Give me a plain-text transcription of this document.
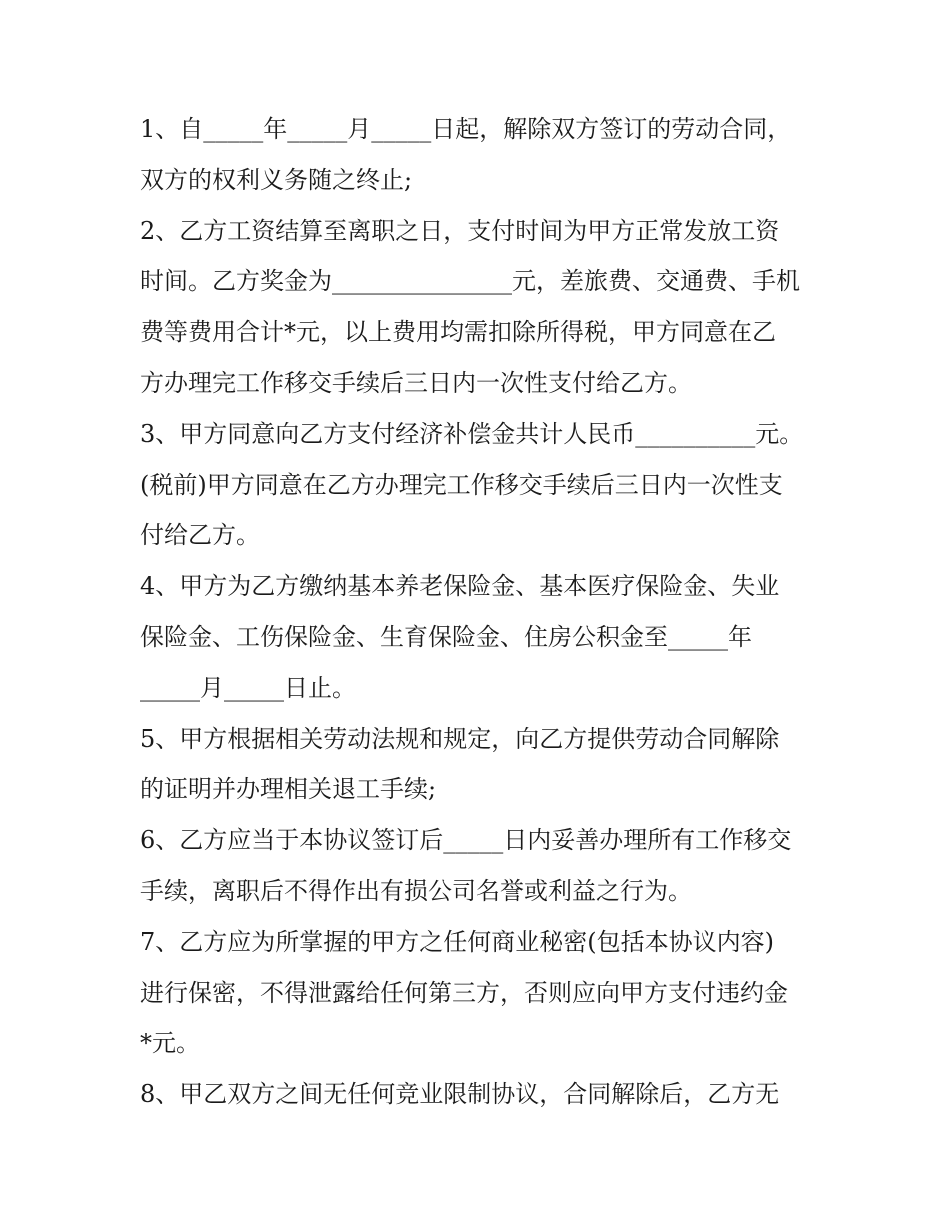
1、自_____年_____月_____日起，解除双方签订的劳动合同，
双方的权利义务随之终止;
2、乙方工资结算至离职之日，支付时间为甲方正常发放工资
时间。乙方奖金为_______________元，差旅费、交通费、手机
费等费用合计*元，以上费用均需扣除所得税，甲方同意在乙
方办理完工作移交手续后三日内一次性支付给乙方。
3、甲方同意向乙方支付经济补偿金共计人民币__________元。
(税前)甲方同意在乙方办理完工作移交手续后三日内一次性支
付给乙方。
4、甲方为乙方缴纳基本养老保险金、基本医疗保险金、失业
保险金、工伤保险金、生育保险金、住房公积金至_____年
_____月_____日止。
5、甲方根据相关劳动法规和规定，向乙方提供劳动合同解除
的证明并办理相关退工手续;
6、乙方应当于本协议签订后_____日内妥善办理所有工作移交
手续，离职后不得作出有损公司名誉或利益之行为。
7、乙方应为所掌握的甲方之任何商业秘密(包括本协议内容)
进行保密，不得泄露给任何第三方，否则应向甲方支付违约金
*元。
8、甲乙双方之间无任何竞业限制协议，合同解除后，乙方无
